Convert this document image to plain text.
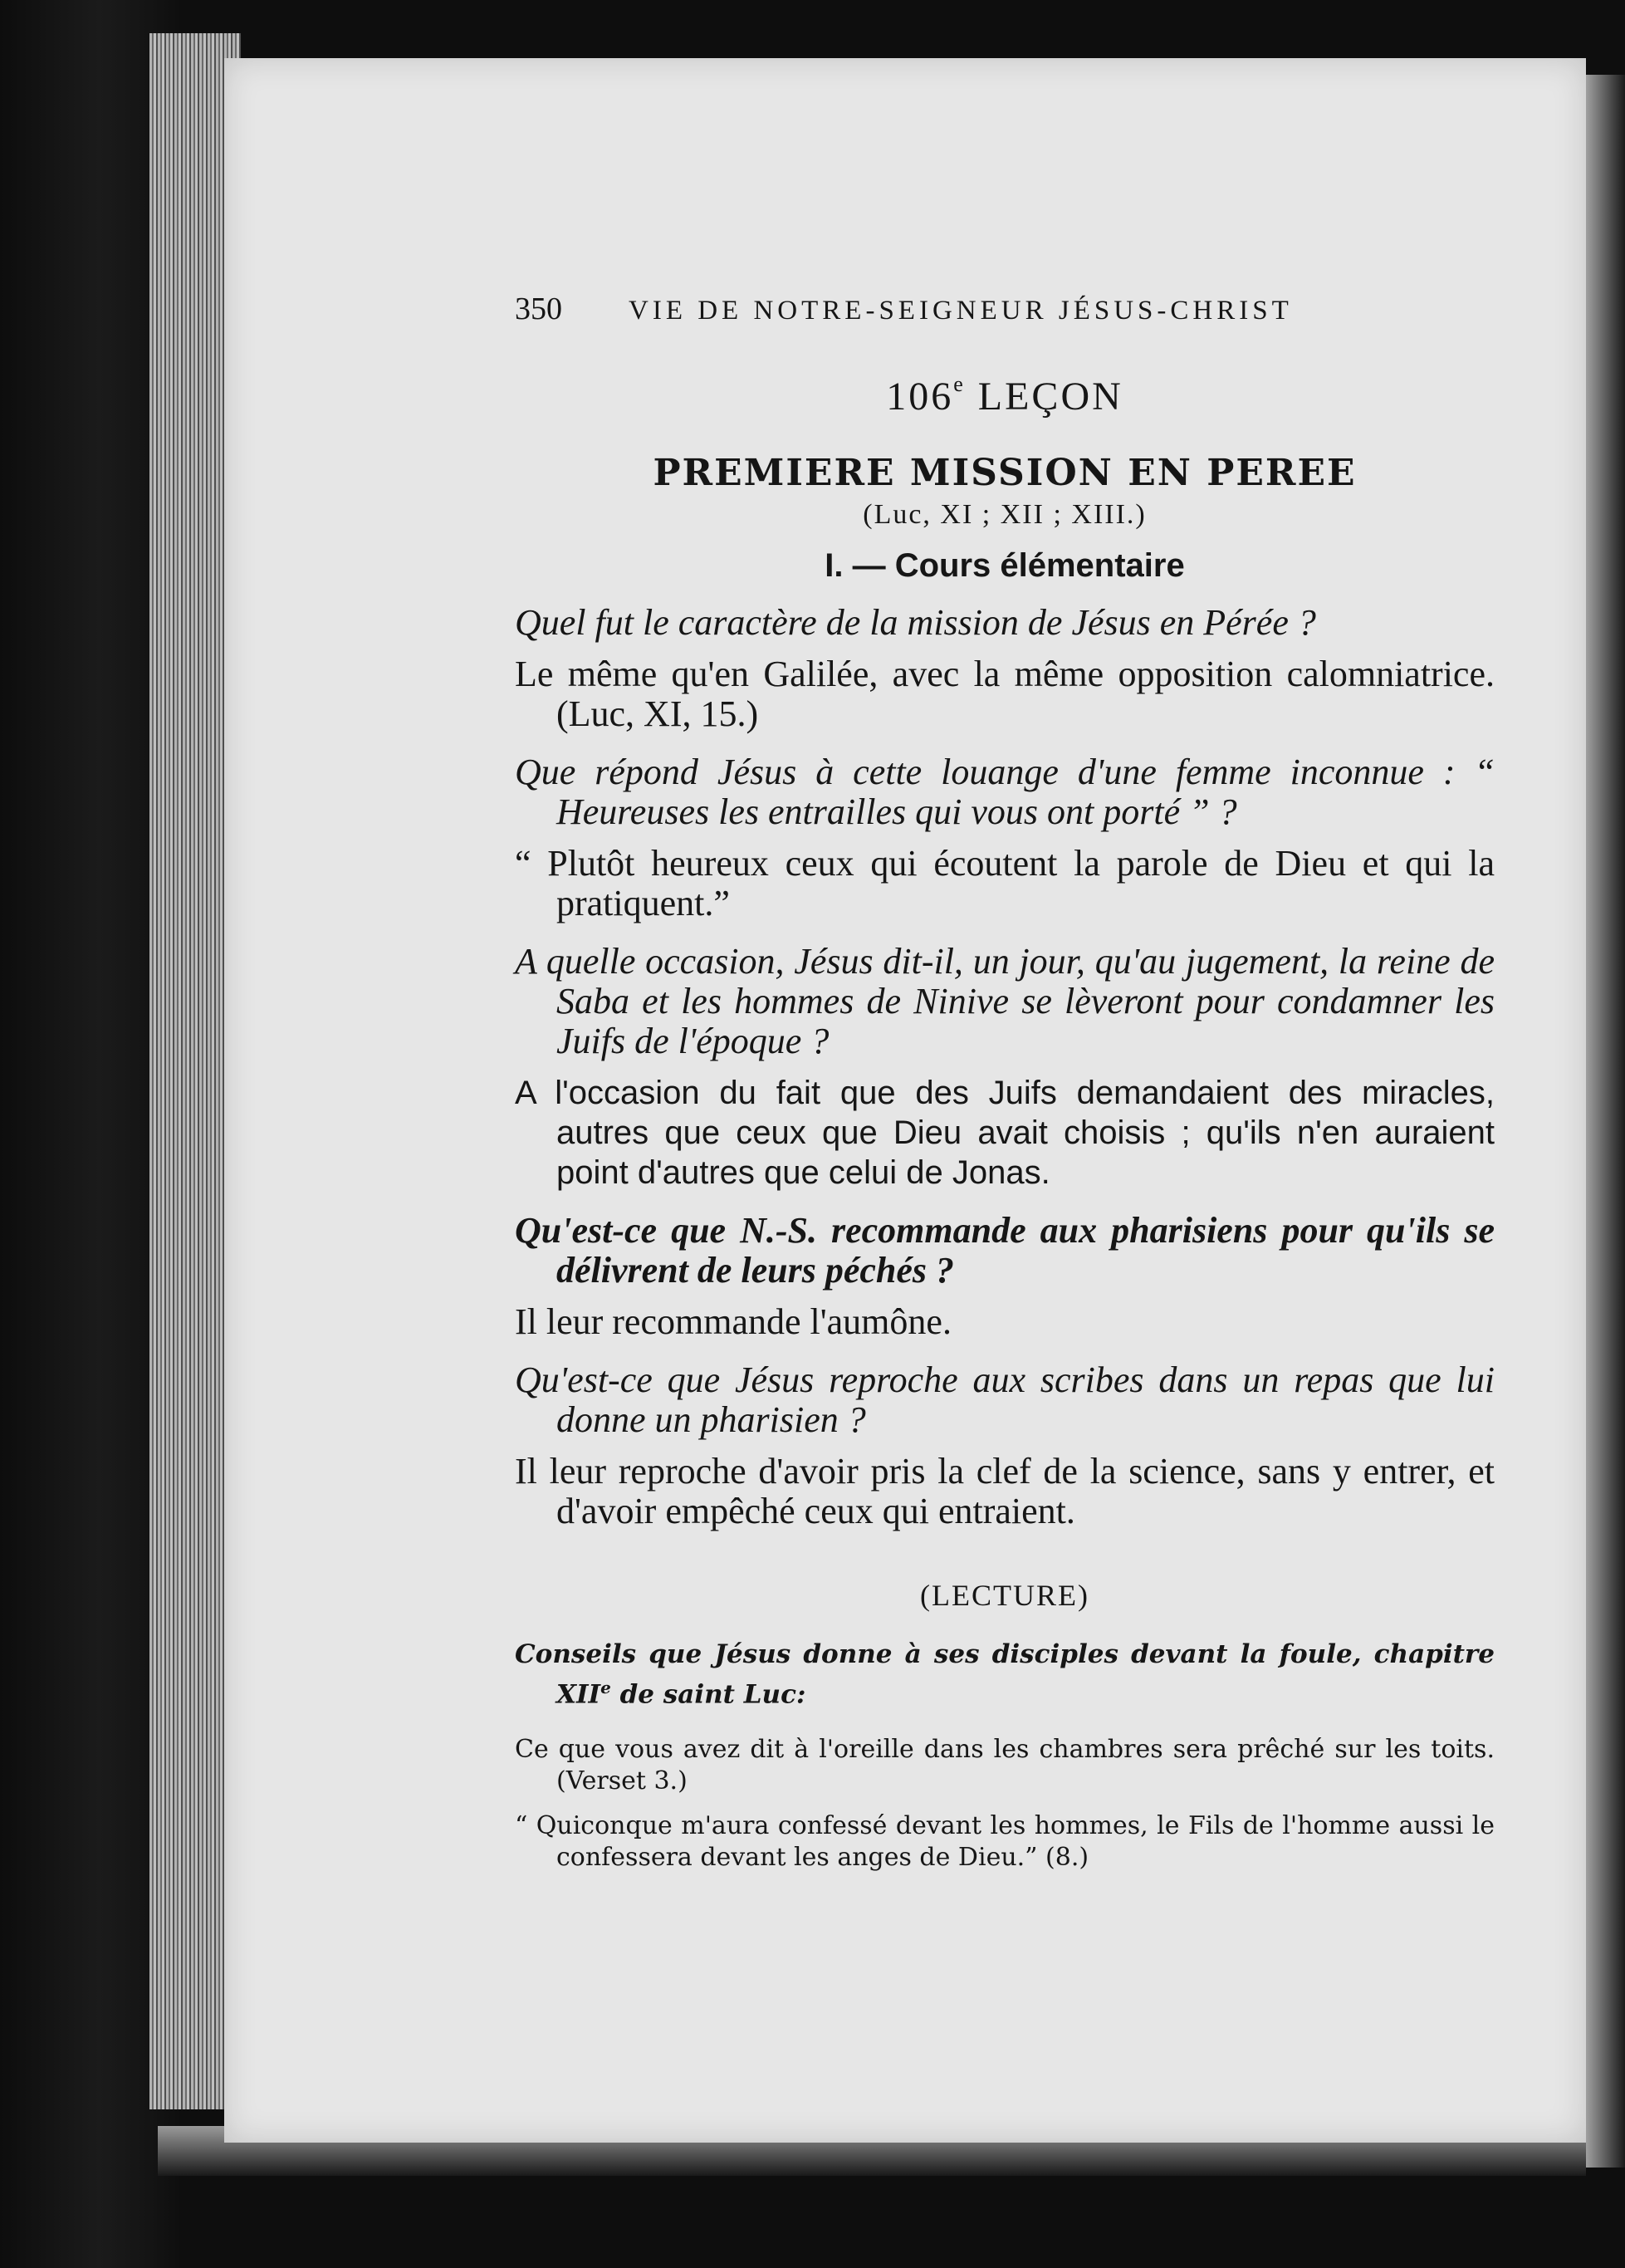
350 VIE DE NOTRE-SEIGNEUR JÉSUS-CHRIST
106e LEÇON
PREMIERE MISSION EN PEREE
(Luc, XI ; XII ; XIII.)
I. — Cours élémentaire
Quel fut le caractère de la mission de Jésus en Pérée ?
Le même qu'en Galilée, avec la même opposition calomniatrice. (Luc, XI, 15.)
Que répond Jésus à cette louange d'une femme inconnue : “ Heureuses les entrailles qui vous ont porté ” ?
“ Plutôt heureux ceux qui écoutent la parole de Dieu et qui la pratiquent.”
A quelle occasion, Jésus dit-il, un jour, qu'au jugement, la reine de Saba et les hommes de Ninive se lèveront pour condamner les Juifs de l'époque ?
A l'occasion du fait que des Juifs demandaient des miracles, autres que ceux que Dieu avait choisis ; qu'ils n'en auraient point d'autres que celui de Jonas.
Qu'est-ce que N.-S. recommande aux pharisiens pour qu'ils se délivrent de leurs péchés ?
Il leur recommande l'aumône.
Qu'est-ce que Jésus reproche aux scribes dans un repas que lui donne un pharisien ?
Il leur reproche d'avoir pris la clef de la science, sans y entrer, et d'avoir empêché ceux qui entraient.
(LECTURE)
Conseils que Jésus donne à ses disciples devant la foule, chapitre XIIe de saint Luc:
Ce que vous avez dit à l'oreille dans les chambres sera prêché sur les toits. (Verset 3.)
“ Quiconque m'aura confessé devant les hommes, le Fils de l'homme aussi le confessera devant les anges de Dieu.” (8.)
